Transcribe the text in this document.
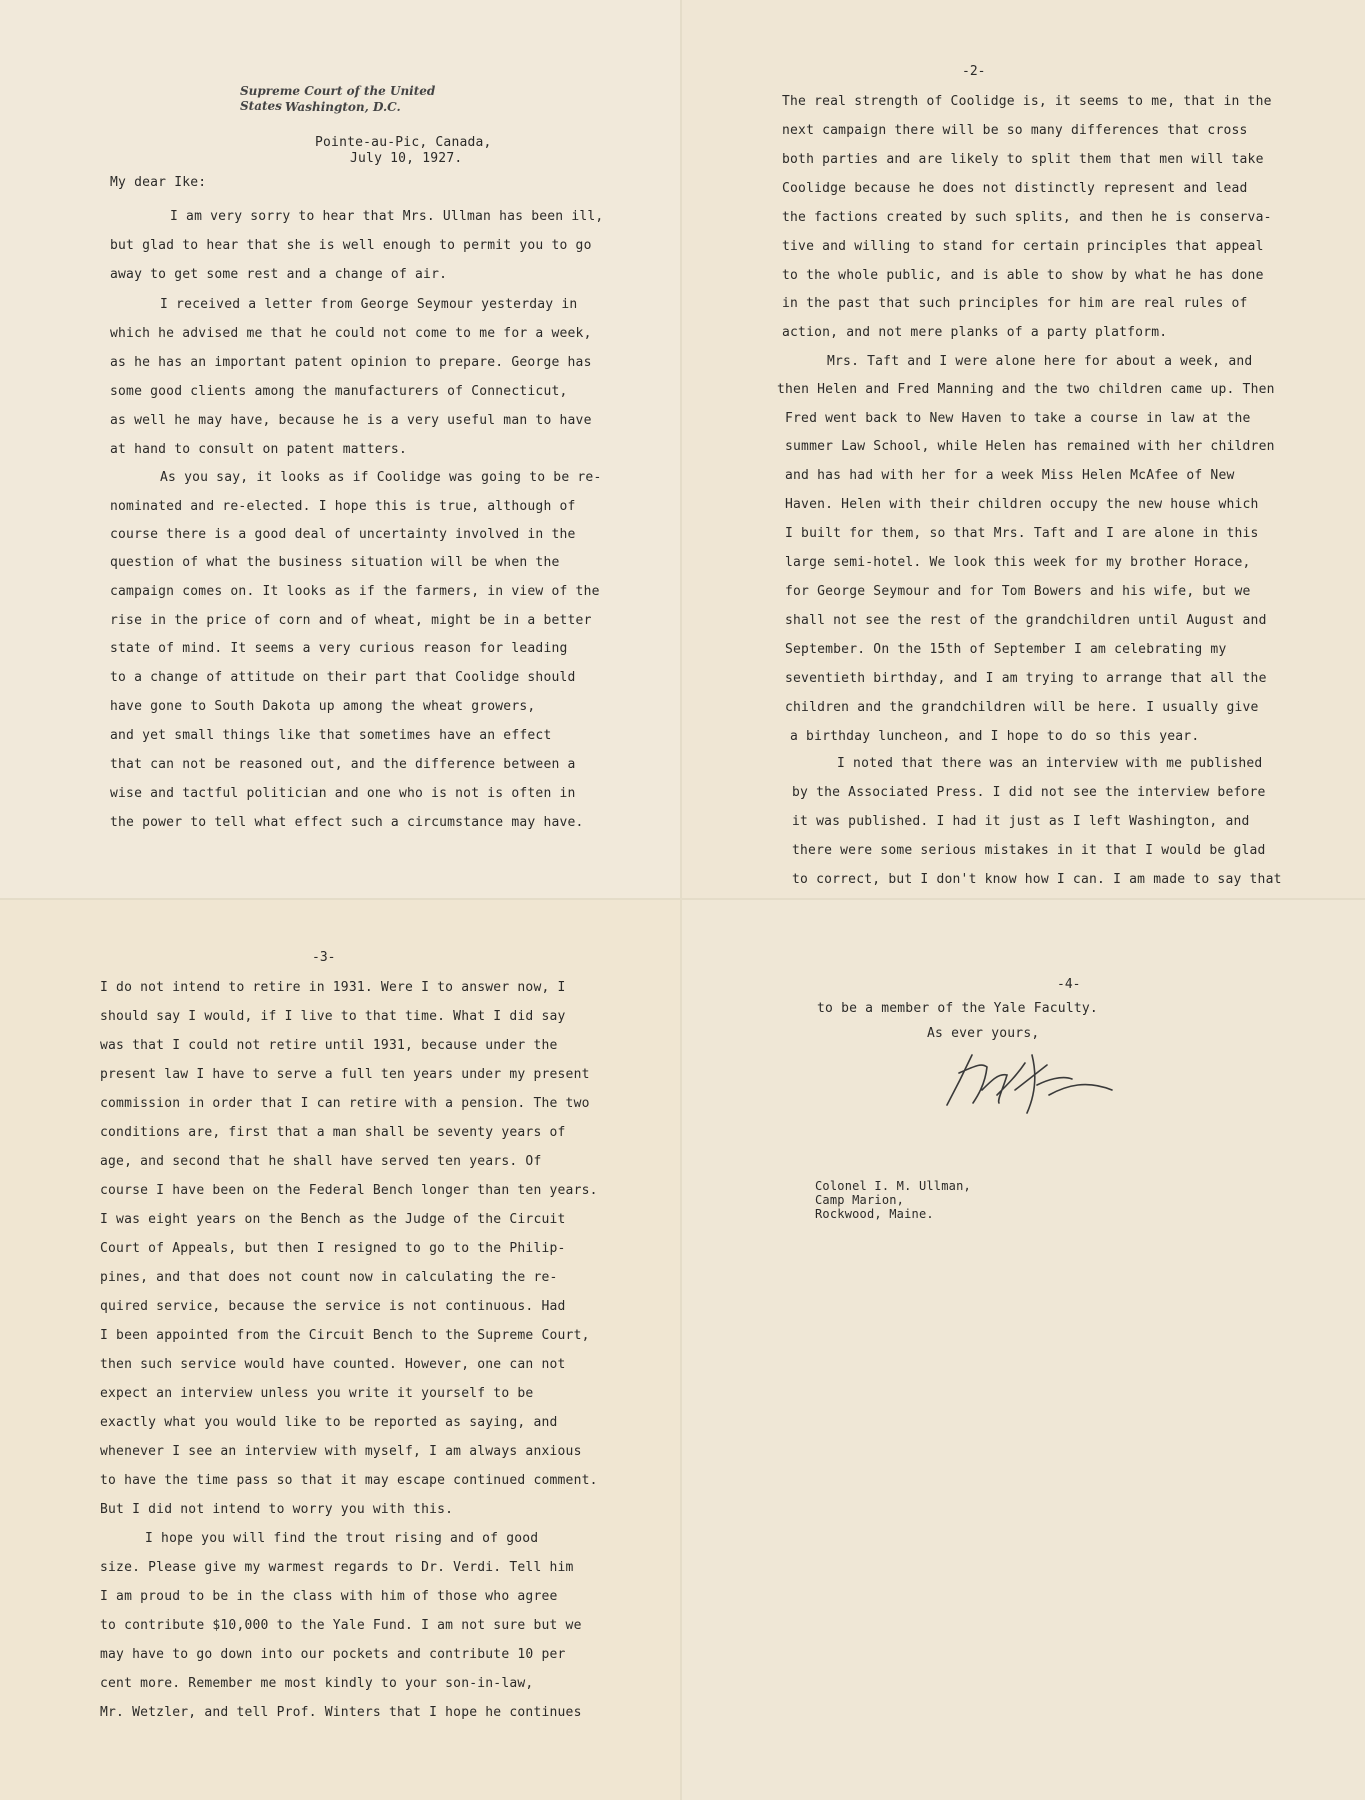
Supreme Court of the United States Washington, D.C.
Pointe-au-Pic, Canada,
July 10, 1927.
My dear Ike:
I am very sorry to hear that Mrs. Ullman has been ill,
but glad to hear that she is well enough to permit you to go
away to get some rest and a change of air.
I received a letter from George Seymour yesterday in
which he advised me that he could not come to me for a week,
as he has an important patent opinion to prepare. George has
some good clients among the manufacturers of Connecticut,
as well he may have, because he is a very useful man to have
at hand to consult on patent matters.
As you say, it looks as if Coolidge was going to be re-
nominated and re-elected. I hope this is true, although of
course there is a good deal of uncertainty involved in the
question of what the business situation will be when the
campaign comes on. It looks as if the farmers, in view of the
rise in the price of corn and of wheat, might be in a better
state of mind. It seems a very curious reason for leading
to a change of attitude on their part that Coolidge should
have gone to South Dakota up among the wheat growers,
and yet small things like that sometimes have an effect
that can not be reasoned out, and the difference between a
wise and tactful politician and one who is not is often in
the power to tell what effect such a circumstance may have.
-2-
The real strength of Coolidge is, it seems to me, that in the
next campaign there will be so many differences that cross
both parties and are likely to split them that men will take
Coolidge because he does not distinctly represent and lead
the factions created by such splits, and then he is conserva-
tive and willing to stand for certain principles that appeal
to the whole public, and is able to show by what he has done
in the past that such principles for him are real rules of
action, and not mere planks of a party platform.
Mrs. Taft and I were alone here for about a week, and
then Helen and Fred Manning and the two children came up. Then
Fred went back to New Haven to take a course in law at the
summer Law School, while Helen has remained with her children
and has had with her for a week Miss Helen McAfee of New
Haven. Helen with their children occupy the new house which
I built for them, so that Mrs. Taft and I are alone in this
large semi-hotel. We look this week for my brother Horace,
for George Seymour and for Tom Bowers and his wife, but we
shall not see the rest of the grandchildren until August and
September. On the 15th of September I am celebrating my
seventieth birthday, and I am trying to arrange that all the
children and the grandchildren will be here. I usually give
a birthday luncheon, and I hope to do so this year.
I noted that there was an interview with me published
by the Associated Press. I did not see the interview before
it was published. I had it just as I left Washington, and
there were some serious mistakes in it that I would be glad
to correct, but I don't know how I can. I am made to say that
-3-
I do not intend to retire in 1931. Were I to answer now, I
should say I would, if I live to that time. What I did say
was that I could not retire until 1931, because under the
present law I have to serve a full ten years under my present
commission in order that I can retire with a pension. The two
conditions are, first that a man shall be seventy years of
age, and second that he shall have served ten years. Of
course I have been on the Federal Bench longer than ten years.
I was eight years on the Bench as the Judge of the Circuit
Court of Appeals, but then I resigned to go to the Philip-
pines, and that does not count now in calculating the re-
quired service, because the service is not continuous. Had
I been appointed from the Circuit Bench to the Supreme Court,
then such service would have counted. However, one can not
expect an interview unless you write it yourself to be
exactly what you would like to be reported as saying, and
whenever I see an interview with myself, I am always anxious
to have the time pass so that it may escape continued comment.
But I did not intend to worry you with this.
I hope you will find the trout rising and of good
size. Please give my warmest regards to Dr. Verdi. Tell him
I am proud to be in the class with him of those who agree
to contribute $10,000 to the Yale Fund. I am not sure but we
may have to go down into our pockets and contribute 10 per
cent more. Remember me most kindly to your son-in-law,
Mr. Wetzler, and tell Prof. Winters that I hope he continues
-4-
to be a member of the Yale Faculty.
As ever yours,
Colonel I. M. Ullman,
Camp Marion,
Rockwood, Maine.
